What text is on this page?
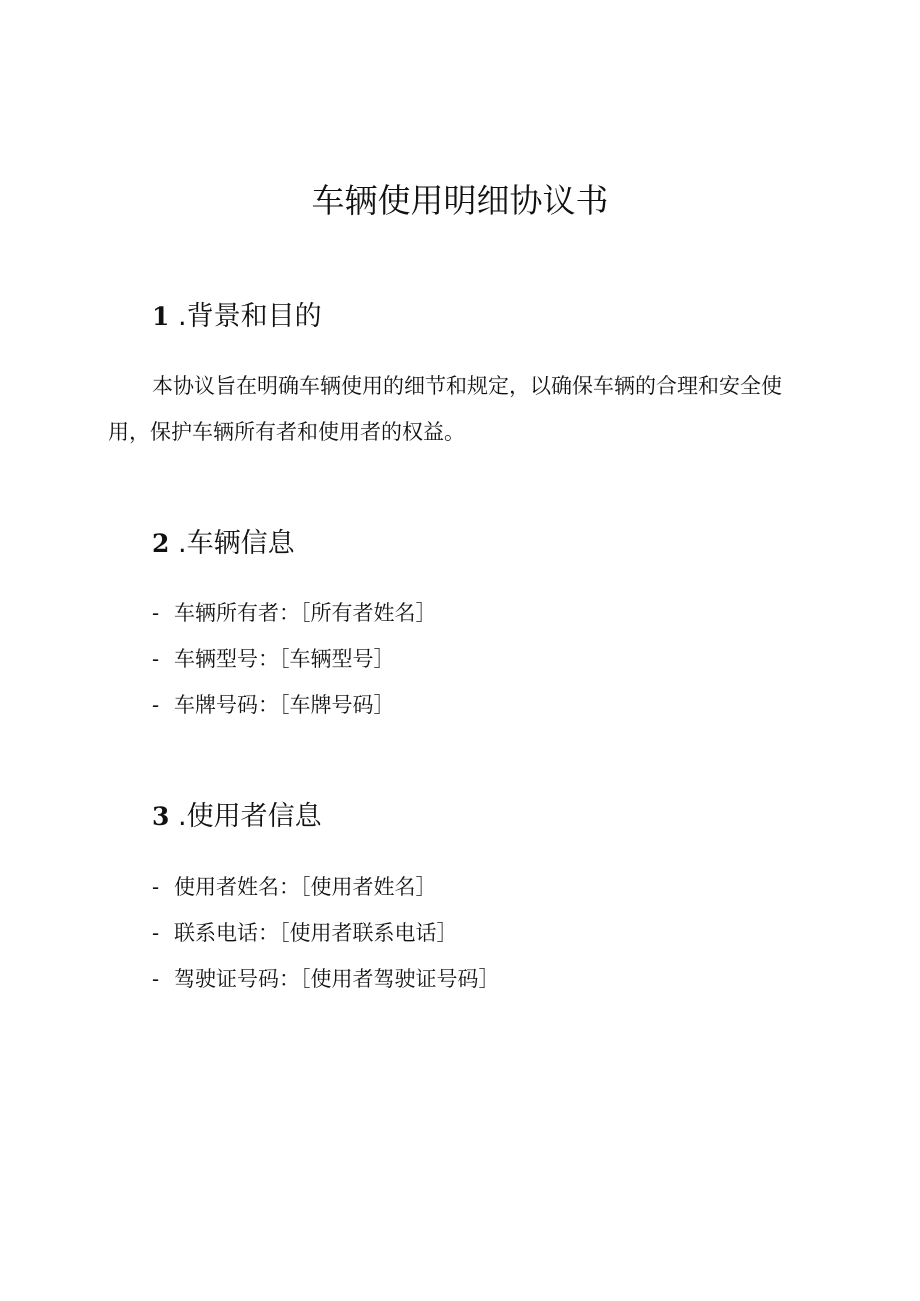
车辆使用明细协议书
1 .背景和目的

本协议旨在明确车辆使用的细节和规定，以确保车辆的合理和安全使用，保护车辆所有者和使用者的权益。

2 .车辆信息
- 车辆所有者：［所有者姓名］
- 车辆型号：［车辆型号］
- 车牌号码：［车牌号码］
3 .使用者信息
- 使用者姓名：［使用者姓名］
- 联系电话：［使用者联系电话］
- 驾驶证号码：［使用者驾驶证号码］
